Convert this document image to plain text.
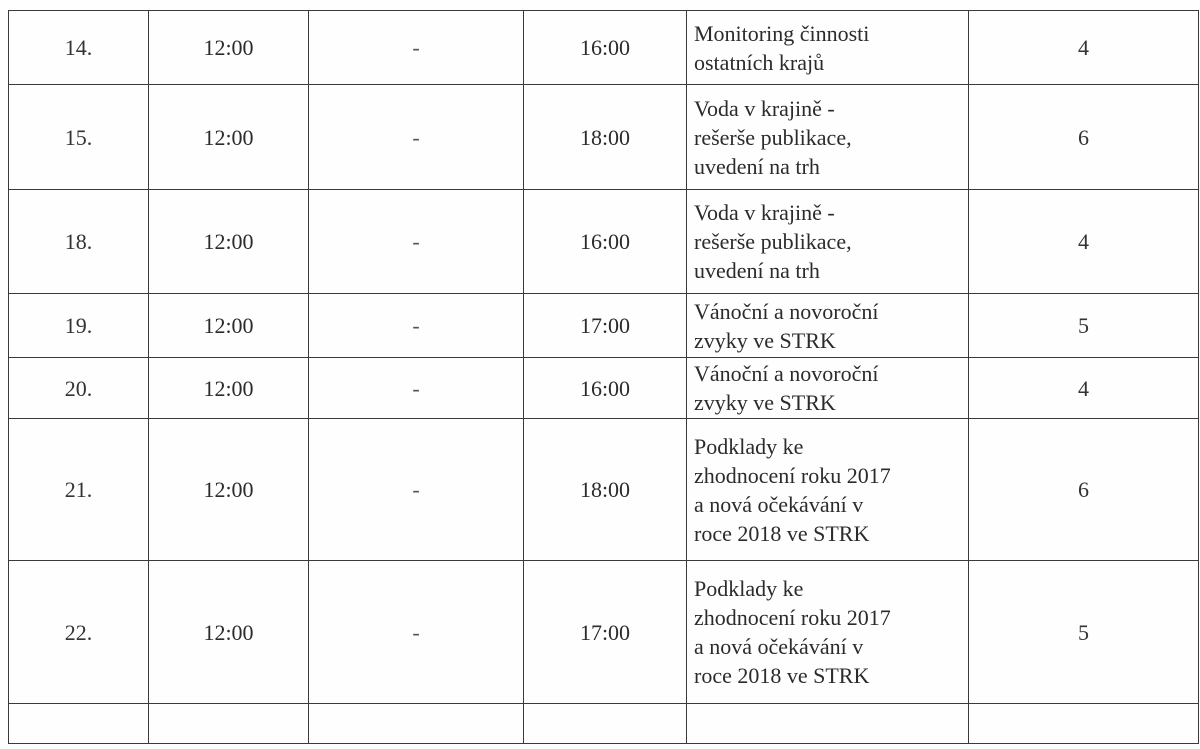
14.	12:00	-	16:00	Monitoring činnosti
ostatních krajů	4
15.	12:00	-	18:00	Voda v krajině -
rešerše publikace,
uvedení na trh	6
18.	12:00	-	16:00	Voda v krajině -
rešerše publikace,
uvedení na trh	4
19.	12:00	-	17:00	Vánoční a novoroční
zvyky ve STRK	5
20.	12:00	-	16:00	Vánoční a novoroční
zvyky ve STRK	4
21.	12:00	-	18:00	Podklady ke
zhodnocení roku 2017
a nová očekávání v
roce 2018 ve STRK	6
22.	12:00	-	17:00	Podklady ke
zhodnocení roku 2017
a nová očekávání v
roce 2018 ve STRK	5
